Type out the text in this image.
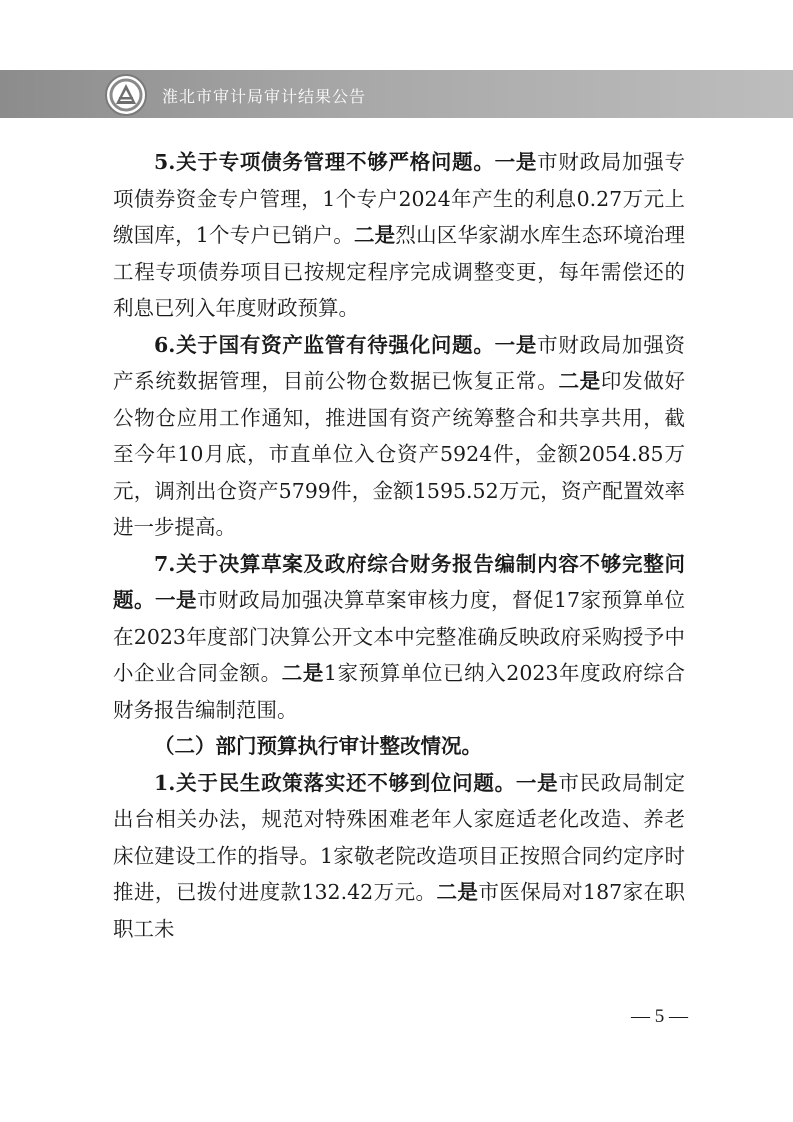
淮北市审计局审计结果公告

5.关于专项债务管理不够严格问题。一是市财政局加强专项债券资金专户管理，1个专户2024年产生的利息0.27万元上缴国库，1个专户已销户。二是烈山区华家湖水库生态环境治理工程专项债券项目已按规定程序完成调整变更，每年需偿还的利息已列入年度财政预算。

6.关于国有资产监管有待强化问题。一是市财政局加强资产系统数据管理，目前公物仓数据已恢复正常。二是印发做好公物仓应用工作通知，推进国有资产统筹整合和共享共用，截至今年10月底，市直单位入仓资产5924件，金额2054.85万元，调剂出仓资产5799件，金额1595.52万元，资产配置效率进一步提高。

7.关于决算草案及政府综合财务报告编制内容不够完整问题。一是市财政局加强决算草案审核力度，督促17家预算单位在2023年度部门决算公开文本中完整准确反映政府采购授予中小企业合同金额。二是1家预算单位已纳入2023年度政府综合财务报告编制范围。

（二）部门预算执行审计整改情况。

1.关于民生政策落实还不够到位问题。一是市民政局制定出台相关办法，规范对特殊困难老年人家庭适老化改造、养老床位建设工作的指导。1家敬老院改造项目正按照合同约定序时推进，已拨付进度款132.42万元。二是市医保局对187家在职职工未

— 5 —
